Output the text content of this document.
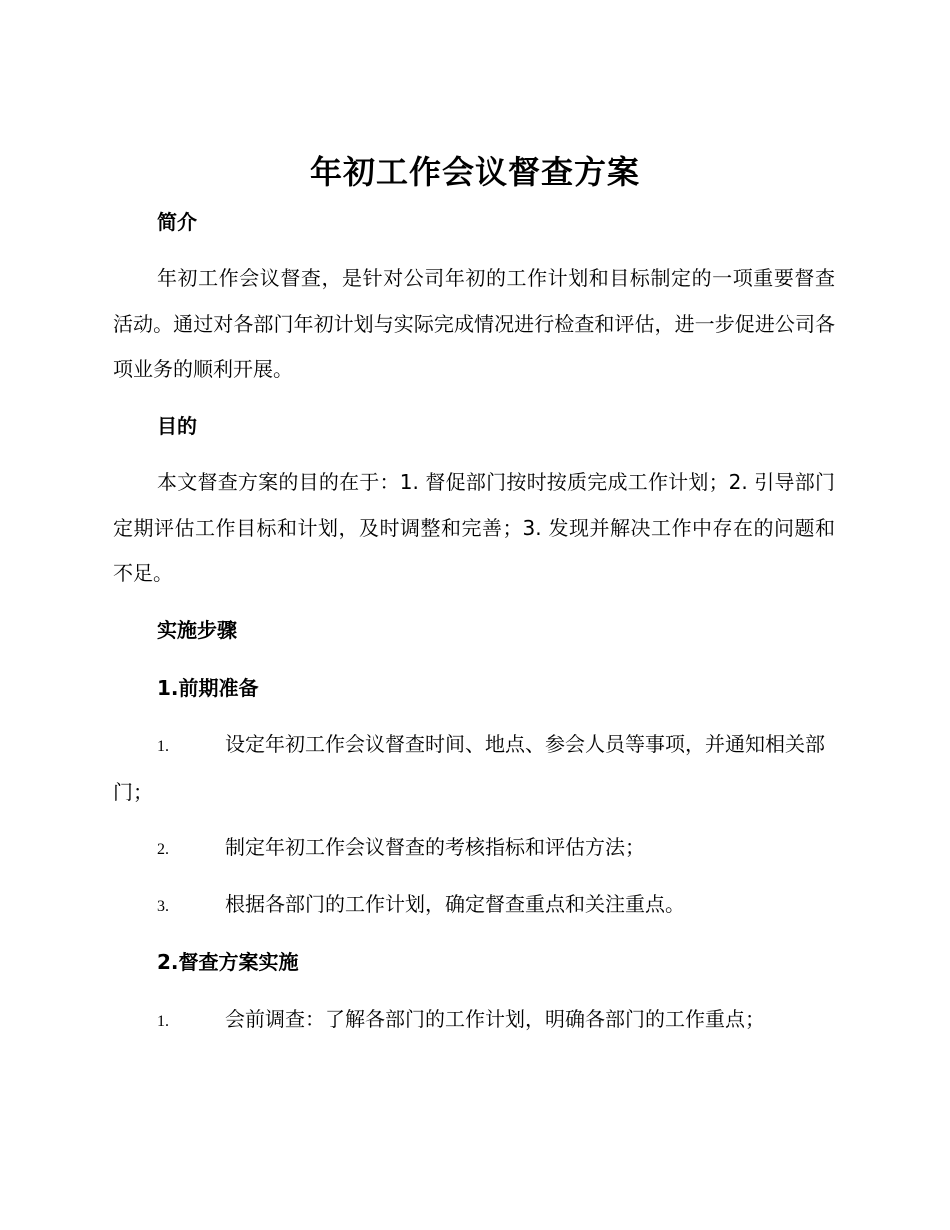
年初工作会议督查方案
简介

年初工作会议督查，是针对公司年初的工作计划和目标制定的一项重要督查活动。通过对各部门年初计划与实际完成情况进行检查和评估，进一步促进公司各项业务的顺利开展。

目的

本文督查方案的目的在于：1. 督促部门按时按质完成工作计划；2. 引导部门定期评估工作目标和计划，及时调整和完善；3. 发现并解决工作中存在的问题和不足。

实施步骤
1.前期准备

1.	设定年初工作会议督查时间、地点、参会人员等事项，并通知相关部门；

2.	制定年初工作会议督查的考核指标和评估方法；

3.	根据各部门的工作计划，确定督查重点和关注重点。

2.督查方案实施

1.	会前调查：了解各部门的工作计划，明确各部门的工作重点；
